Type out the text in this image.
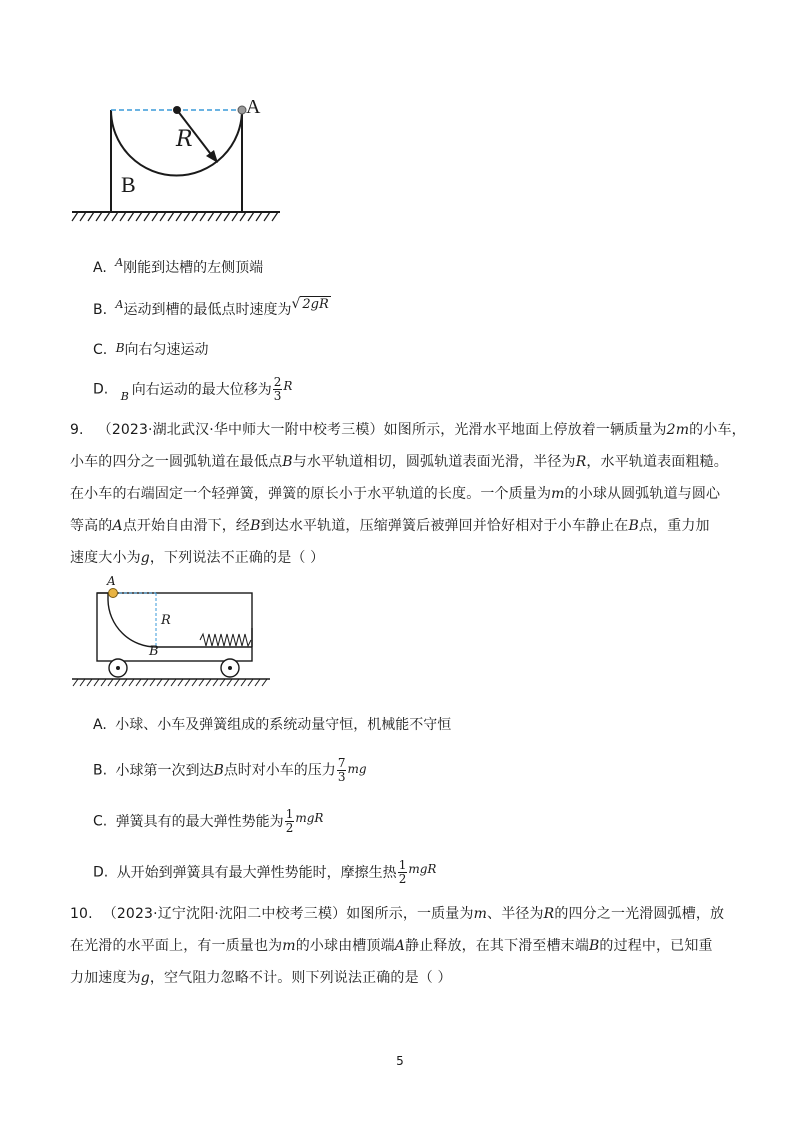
A
R
B
A. $^A$刚能到达槽的左侧顶端
B. $^A$运动到槽的最低点时速度为√ 2gR
C. B向右匀速运动
D. $_B$ 向右运动的最大位移为 $\frac{2}{3}$ R
9. （2023·湖北武汉·华中师大一附中校考三模）如图所示，光滑水平地面上停放着一辆质量为2m的小车，
小车的四分之一圆弧轨道在最低点B与水平轨道相切，圆弧轨道表面光滑，半径为R，水平轨道表面粗糙。
在小车的右端固定一个轻弹簧，弹簧的原长小于水平轨道的长度。一个质量为m的小球从圆弧轨道与圆心
等高的A点开始自由滑下，经B到达水平轨道，压缩弹簧后被弹回并恰好相对于小车静止在B点，重力加
速度大小为g，下列说法不正确的是（ ）
A
R
B
A. 小球、小车及弹簧组成的系统动量守恒，机械能不守恒
B. 小球第一次到达B点时对小车的压力 $\frac{7}{3}$ mg
C. 弹簧具有的最大弹性势能为 $\frac{1}{2}$ mgR
D. 从开始到弹簧具有最大弹性势能时，摩擦生热 $\frac{1}{2}$ mgR
10. （2023·辽宁沈阳·沈阳二中校考三模）如图所示，一质量为m、半径为R的四分之一光滑圆弧槽，放
在光滑的水平面上，有一质量也为m的小球由槽顶端A静止释放，在其下滑至槽末端B的过程中，已知重
力加速度为g，空气阻力忽略不计。则下列说法正确的是（ ）
5
